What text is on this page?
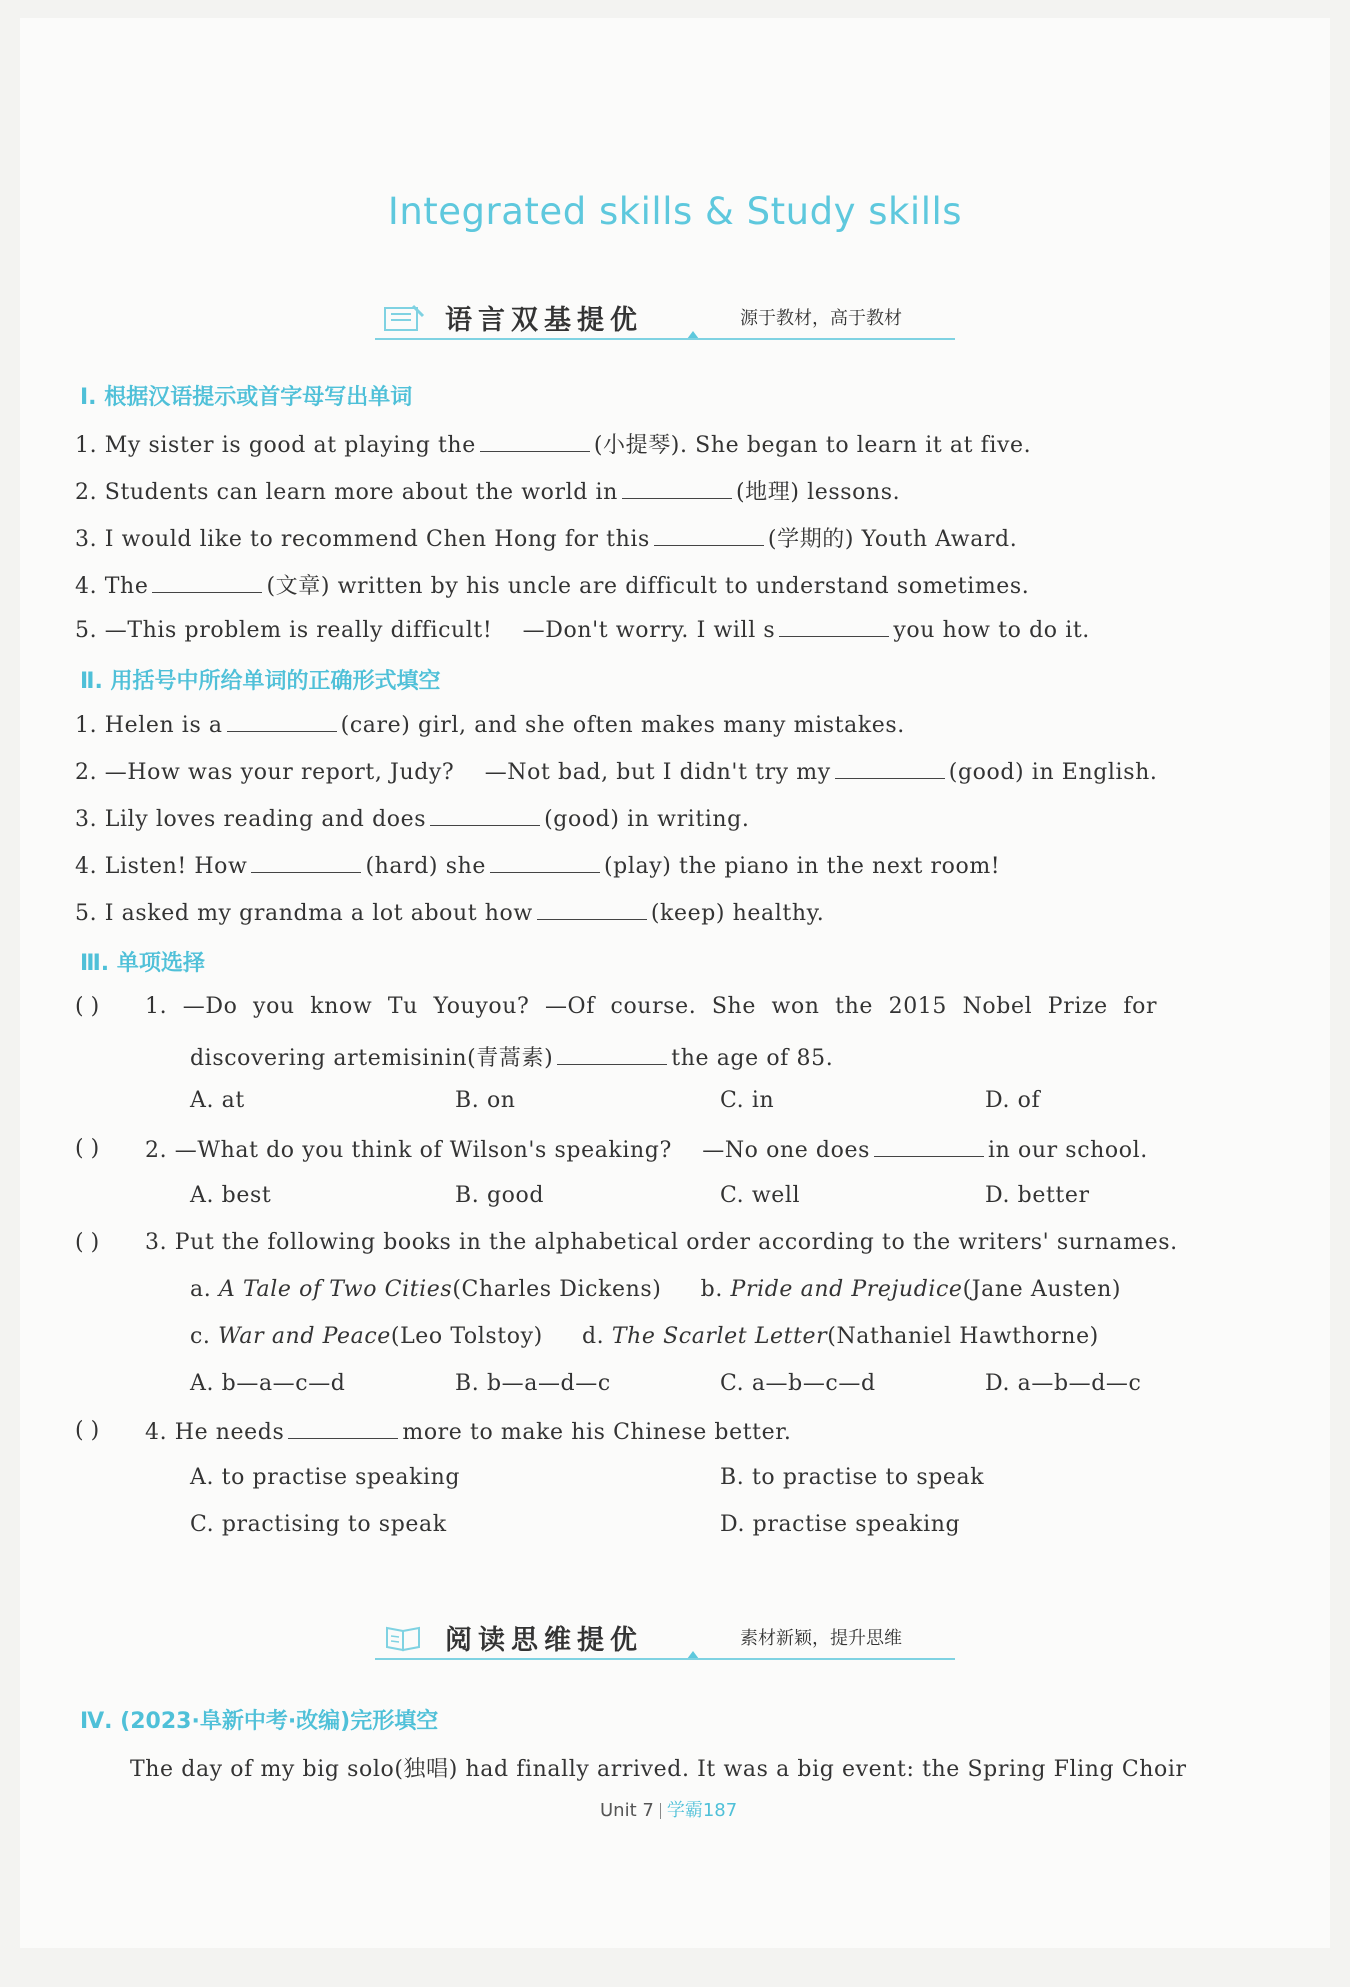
Integrated skills & Study skills
语言双基提优	源于教材，高于教材
Ⅰ. 根据汉语提示或首字母写出单词
1. My sister is good at playing the	(小提琴). She began to learn it at five.
2. Students can learn more about the world in	(地理) lessons.
3. I would like to recommend Chen Hong for this	(学期的) Youth Award.
4. The	(文章) written by his uncle are difficult to understand sometimes.
5. —This problem is really difficult!    —Don't worry. I will s	you how to do it.
Ⅱ. 用括号中所给单词的正确形式填空
1. Helen is a	(care) girl, and she often makes many mistakes.
2. —How was your report, Judy?    —Not bad, but I didn't try my	(good) in English.
3. Lily loves reading and does	(good) in writing.
4. Listen! How	(hard) she	(play) the piano in the next room!
5. I asked my grandma a lot about how	(keep) healthy.
Ⅲ. 单项选择
( ) 1. —Do you know Tu Youyou? —Of course. She won the 2015 Nobel Prize for
discovering artemisinin(青蒿素)	the age of 85.
A. at	B. on	C. in	D. of
( ) 2. —What do you think of Wilson's speaking?    —No one does	in our school.
A. best	B. good	C. well	D. better
( ) 3. Put the following books in the alphabetical order according to the writers' surnames.
a. A Tale of Two Cities(Charles Dickens) b. Pride and Prejudice(Jane Austen)
c. War and Peace(Leo Tolstoy) d. The Scarlet Letter(Nathaniel Hawthorne)
A. b—a—c—d	B. b—a—d—c	C. a—b—c—d	D. a—b—d—c
( ) 4. He needs	more to make his Chinese better.
A. to practise speaking	B. to practise to speak
C. practising to speak	D. practise speaking
阅读思维提优	素材新颖，提升思维
Ⅳ. (2023·阜新中考·改编)完形填空
The day of my big solo(独唱) had finally arrived. It was a big event: the Spring Fling Choir
Unit 7 学霸187
